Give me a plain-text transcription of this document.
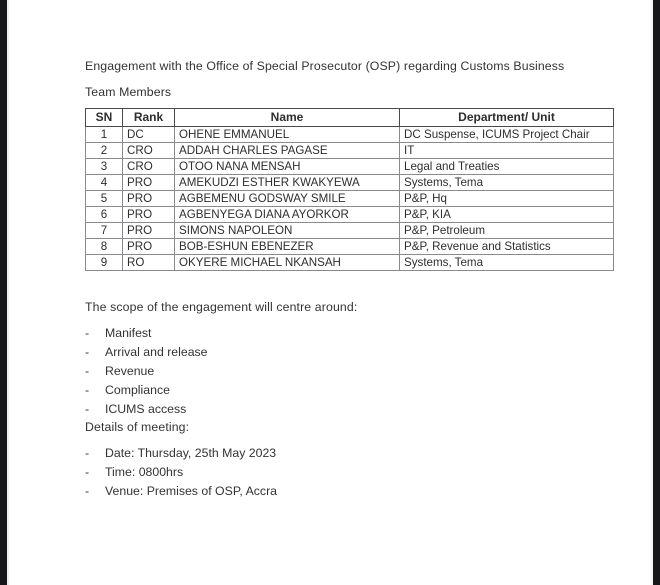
Engagement with the Office of Special Prosecutor (OSP) regarding Customs Business
Team Members
SN	Rank	Name	Department/ Unit
1	DC	OHENE EMMANUEL	DC Suspense, ICUMS Project Chair
2	CRO	ADDAH CHARLES PAGASE	IT
3	CRO	OTOO NANA MENSAH	Legal and Treaties
4	PRO	AMEKUDZI ESTHER KWAKYEWA	Systems, Tema
5	PRO	AGBEMENU GODSWAY SMILE	P&P, Hq
6	PRO	AGBENYEGA DIANA AYORKOR	P&P, KIA
7	PRO	SIMONS NAPOLEON	P&P, Petroleum
8	PRO	BOB-ESHUN EBENEZER	P&P, Revenue and Statistics
9	RO	OKYERE MICHAEL NKANSAH	Systems, Tema
The scope of the engagement will centre around:
-	Manifest
-	Arrival and release
-	Revenue
-	Compliance
-	ICUMS access
Details of meeting:
-	Date: Thursday, 25th May 2023
-	Time: 0800hrs
-	Venue: Premises of OSP, Accra
